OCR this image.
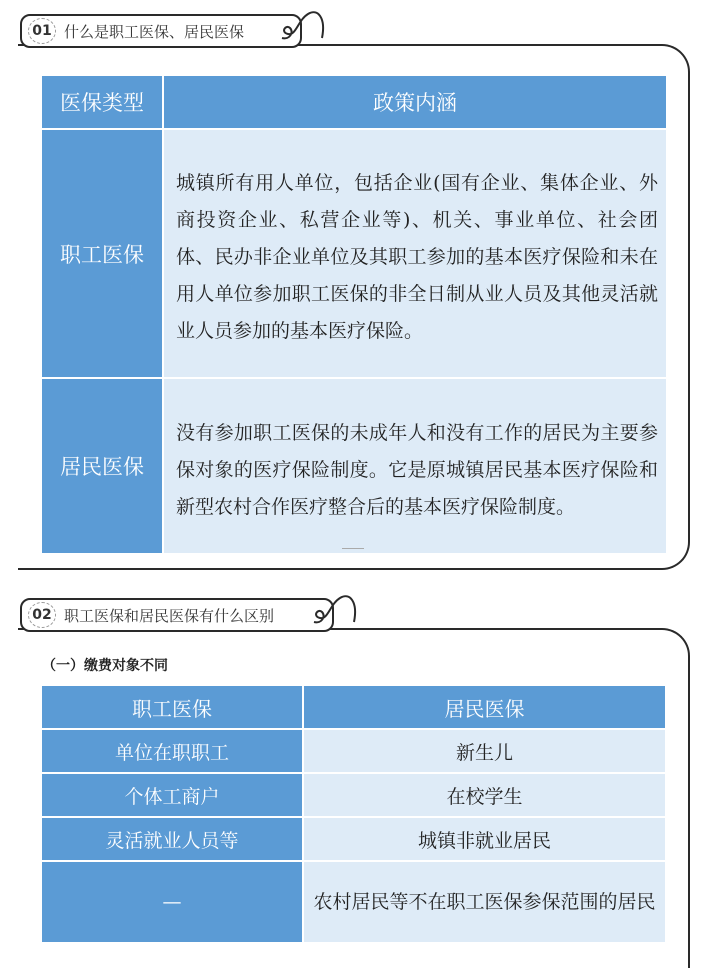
01 什么是职工医保、居民医保
医保类型	政策内涵
职工医保	城镇所有用人单位，包括企业(国有企业、集体企业、外商投资企业、私营企业等)、机关、事业单位、社会团体、民办非企业单位及其职工参加的基本医疗保险和未在用人单位参加职工医保的非全日制从业人员及其他灵活就业人员参加的基本医疗保险。
居民医保	没有参加职工医保的未成年人和没有工作的居民为主要参保对象的医疗保险制度。它是原城镇居民基本医疗保险和新型农村合作医疗整合后的基本医疗保险制度。
02 职工医保和居民医保有什么区别
（一）缴费对象不同
职工医保	居民医保
单位在职职工	新生儿
个体工商户	在校学生
灵活就业人员等	城镇非就业居民
—	农村居民等不在职工医保参保范围的居民
